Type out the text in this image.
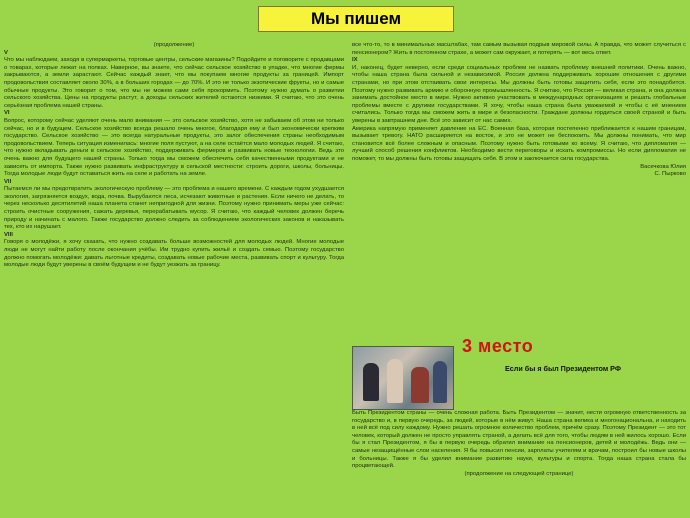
Мы пишем

(продолжение)

V

Что мы наблюдаем, заходя в супермаркеты, торговые центры, сельские магазины? Подойдите и поговорите с продавцами о товарах, которые лежат на полках. Наверное, вы знаете, что сейчас сельское хозяйство в упадке, что многие фермы закрываются, а земли зарастают. Сейчас каждый знает, что мы покупаем многие продукты за границей. Импорт продовольствия составляет около 30%, а в больших городах — до 70%. И это не только экзотические фрукты, но и самые обычные продукты. Это говорит о том, что мы не можем сами себя прокормить. Поэтому нужно думать о развитии сельского хозяйства. Цены на продукты растут, а доходы сельских жителей остаются низкими. Я считаю, что это очень серьёзная проблема нашей страны.

VI

Вопрос, которому сейчас уделяют очень мало внимания — это сельское хозяйство, хотя не забываем об этом ни только сейчас, но и в будущем. Сельское хозяйство всегда решало очень многое, благодаря ему и был экономически крепким государство. Сельское хозяйство — это всегда натуральные продукты, это залог обеспечения страны необходимым продовольствием. Теперь ситуация изменилась: многие поля пустуют, а на селе остаётся мало молодых людей. Я считаю, что нужно вкладывать деньги в сельское хозяйство, поддерживать фермеров и развивать новые технологии. Ведь это очень важно для будущего нашей страны. Только тогда мы сможем обеспечить себя качественными продуктами и не зависеть от импорта. Также нужно развивать инфраструктуру в сельской местности: строить дороги, школы, больницы. Тогда молодые люди будут оставаться жить на селе и работать на земле.

VII

Пытаемся ли мы предотвратить экологическую проблему — это проблема и нашего времени. С каждым годом ухудшается экология, загрязняется воздух, вода, почва. Вырубаются леса, исчезают животные и растения. Если ничего не делать, то через несколько десятилетий наша планета станет непригодной для жизни. Поэтому нужно принимать меры уже сейчас: строить очистные сооружения, сажать деревья, перерабатывать мусор. Я считаю, что каждый человек должен беречь природу и начинать с малого. Также государство должно следить за соблюдением экологических законов и наказывать тех, кто их нарушает.

VIII

Говоря о молодёжи, я хочу сказать, что нужно создавать больше возможностей для молодых людей. Многие молодые люди не могут найти работу после окончания учёбы. Им трудно купить жильё и создать семью. Поэтому государство должно помогать молодёжи: давать льготные кредиты, создавать новые рабочие места, развивать спорт и культуру. Тогда молодые люди будут уверены в своём будущем и не будут уезжать за границу.

все что-то, то в минимальных масштабах, там самым вызывая подрыв мировой силы. А правда, что может случиться с пенсионером? Жить в постоянном страхе, а может сам окружает, и потерять — вот весь ответ.

IX

И, наконец, будет неверно, если среди социальных проблем не назвать проблему внешней политики. Очень важно, чтобы наша страна была сильной и независимой. Россия должна поддерживать хорошие отношения с другими странами, но при этом отстаивать свои интересы. Мы должны быть готовы защитить себя, если это понадобится. Поэтому нужно развивать армию и оборонную промышленность. Я считаю, что Россия — великая страна, и она должна занимать достойное место в мире. Нужно активно участвовать в международных организациях и решать глобальные проблемы вместе с другими государствами. Я хочу, чтобы наша страна была уважаемой и чтобы с её мнением считались. Только тогда мы сможем жить в мире и безопасности. Граждане должны гордиться своей страной и быть уверены в завтрашнем дне. Всё это зависит от нас самих.

Америка напрямую применяет давление на ЕС. Военная база, которая постепенно приближается к нашим границам, вызывает тревогу. НАТО расширяется на восток, и это не может не беспокоить. Мы должны понимать, что мир становится всё более сложным и опасным. Поэтому нужно быть готовыми ко всему. Я считаю, что дипломатия — лучший способ решения конфликтов. Необходимо вести переговоры и искать компромиссы. Но если дипломатия не поможет, то мы должны быть готовы защищать себя. В этом и заключается сила государства.

Васечкова Юлия

С. Пырково

3 место
Если бы я был Президентом РФ

Быть Президентом страны — очень сложная работа. Быть Президентом — значит, нести огромную ответственность за государство и, в первую очередь, за людей, которые в нём живут. Наша страна велика и многонациональна, и находить в ней всё под силу каждому. Нужно решать огромное количество проблем, причём сразу. Поэтому Президент — это тот человек, который должен не просто управлять страной, а делать всё для того, чтобы людям в ней жилось хорошо. Если бы я стал Президентом, я бы в первую очередь обратил внимание на пенсионеров, детей и молодёжь. Ведь они — самые незащищённые слои населения. Я бы повысил пенсии, зарплаты учителям и врачам, построил бы новые школы и больницы. Также я бы уделил внимание развитию науки, культуры и спорта. Тогда наша страна стала бы процветающей.

(продолжение на следующей странице)
